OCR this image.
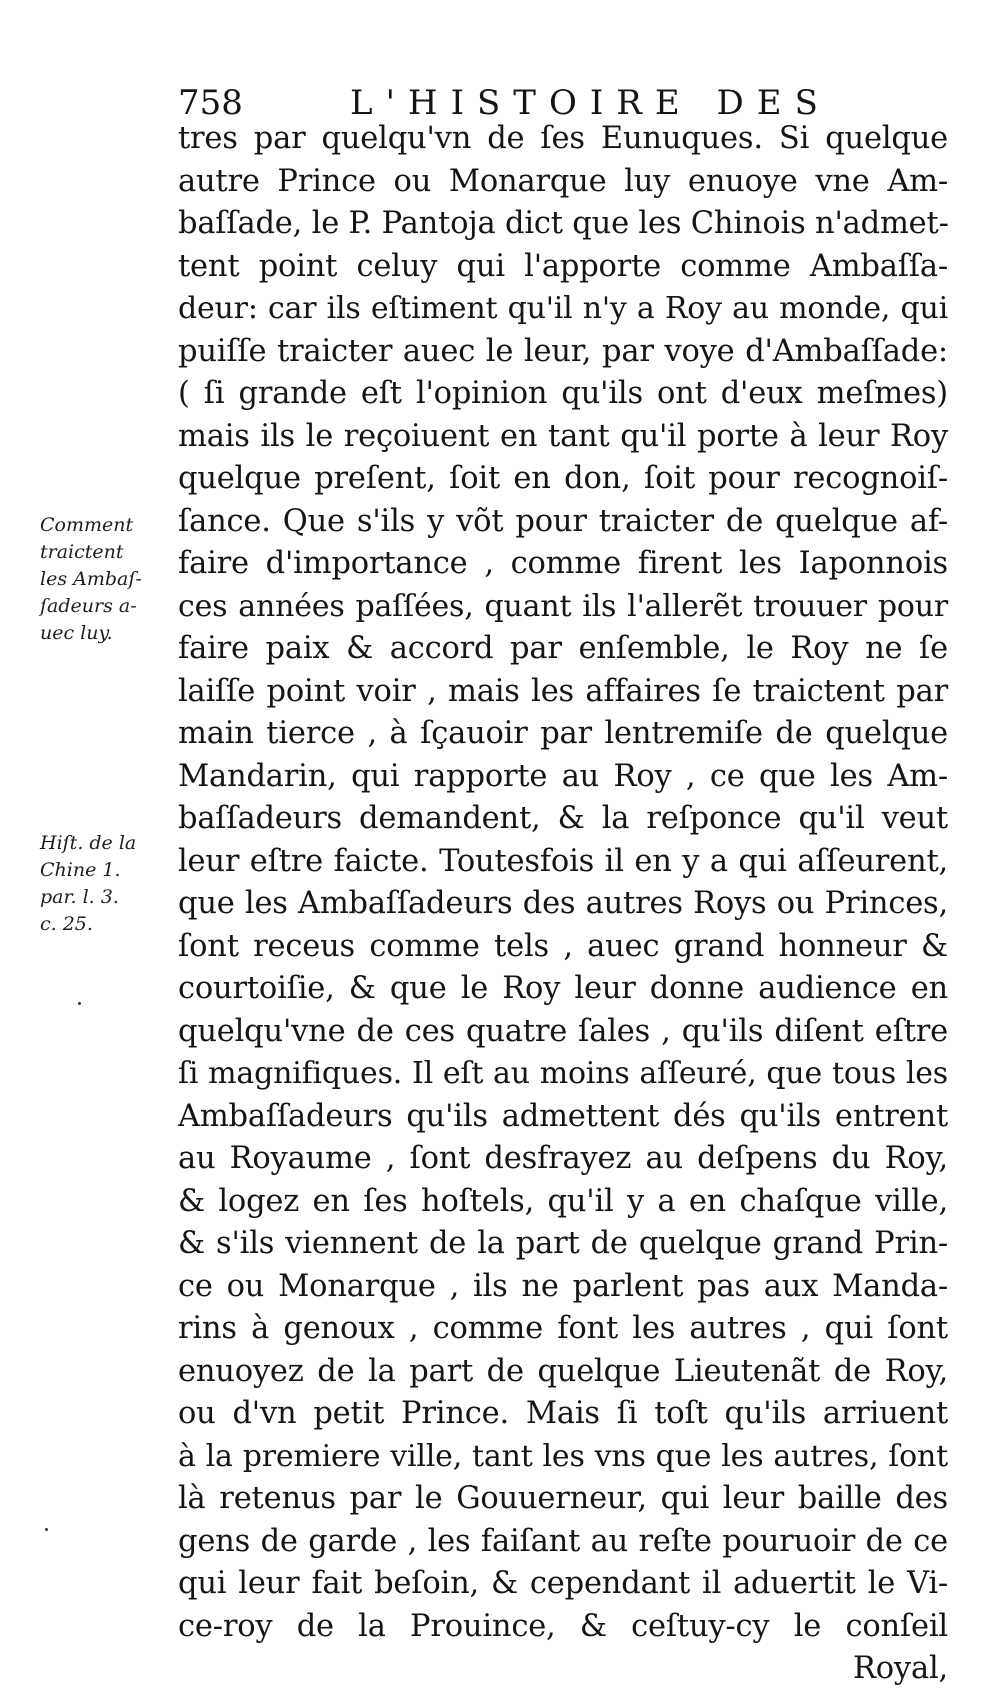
758	L'HISTOIRE DES
Comment
traictent
les Ambaſ-
ſadeurs a-
uec luy.
Hiſt. de la
Chine 1.
par. l. 3.
c. 25.
tres par quelqu'vn de ſes Eunuques. Si quelque
autre Prince ou Monarque luy enuoye vne Am-
baſſade, le P. Pantoja dict que les Chinois n'admet-
tent point celuy qui l'apporte comme Ambaſſa-
deur: car ils eſtiment qu'il n'y a Roy au monde, qui
puiſſe traicter auec le leur, par voye d'Ambaſſade:
( ſi grande eſt l'opinion qu'ils ont d'eux meſmes)
mais ils le reçoiuent en tant qu'il porte à leur Roy
quelque preſent, ſoit en don, ſoit pour recognoiſ-
ſance. Que s'ils y võt pour traicter de quelque af-
faire d'importance , comme firent les Iaponnois
ces années paſſées, quant ils l'allerẽt trouuer pour
faire paix & accord par enſemble, le Roy ne ſe
laiſſe point voir , mais les affaires ſe traictent par
main tierce , à ſçauoir par lentremiſe de quelque
Mandarin, qui rapporte au Roy , ce que les Am-
baſſadeurs demandent, & la reſponce qu'il veut
leur eſtre faicte. Toutesfois il en y a qui aſſeurent,
que les Ambaſſadeurs des autres Roys ou Princes,
ſont receus comme tels , auec grand honneur &
courtoiſie, & que le Roy leur donne audience en
quelqu'vne de ces quatre ſales , qu'ils diſent eſtre
ſi magnifiques. Il eſt au moins aſſeuré, que tous les
Ambaſſadeurs qu'ils admettent dés qu'ils entrent
au Royaume , ſont desfrayez au deſpens du Roy,
& logez en ſes hoſtels, qu'il y a en chaſque ville,
& s'ils viennent de la part de quelque grand Prin-
ce ou Monarque , ils ne parlent pas aux Manda-
rins à genoux , comme font les autres , qui ſont
enuoyez de la part de quelque Lieutenãt de Roy,
ou d'vn petit Prince. Mais ſi toſt qu'ils arriuent
à la premiere ville, tant les vns que les autres, ſont
là retenus par le Gouuerneur, qui leur baille des
gens de garde , les faiſant au reſte pouruoir de ce
qui leur fait beſoin, & cependant il aduertit le Vi-
ce-roy de la Prouince, & ceſtuy-cy le conſeil
Royal,
